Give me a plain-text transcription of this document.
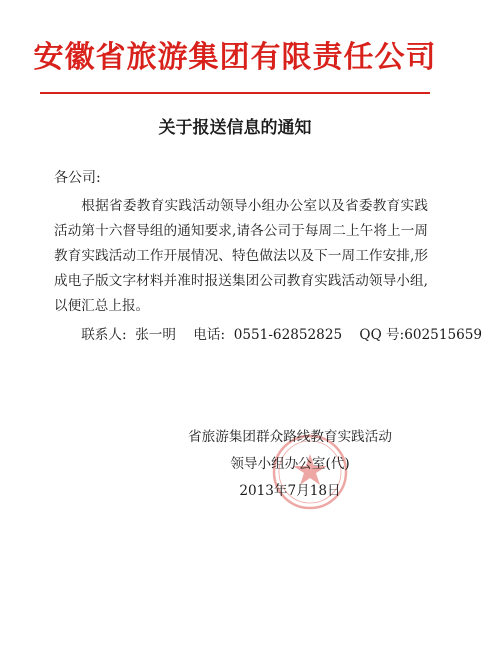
安徽省旅游集团有限责任公司
关于报送信息的通知
各公司:

根据省委教育实践活动领导小组办公室以及省委教育实践活动第十六督导组的通知要求,请各公司于每周二上午将上一周教育实践活动工作开展情况、特色做法以及下一周工作安排,形成电子版文字材料并准时报送集团公司教育实践活动领导小组,以便汇总上报。

联系人: 张一明 电话: 0551-62852825 QQ 号:602515659

省旅游集团群众路线教育实践活动
领导小组办公室(代)
2013年7月18日
